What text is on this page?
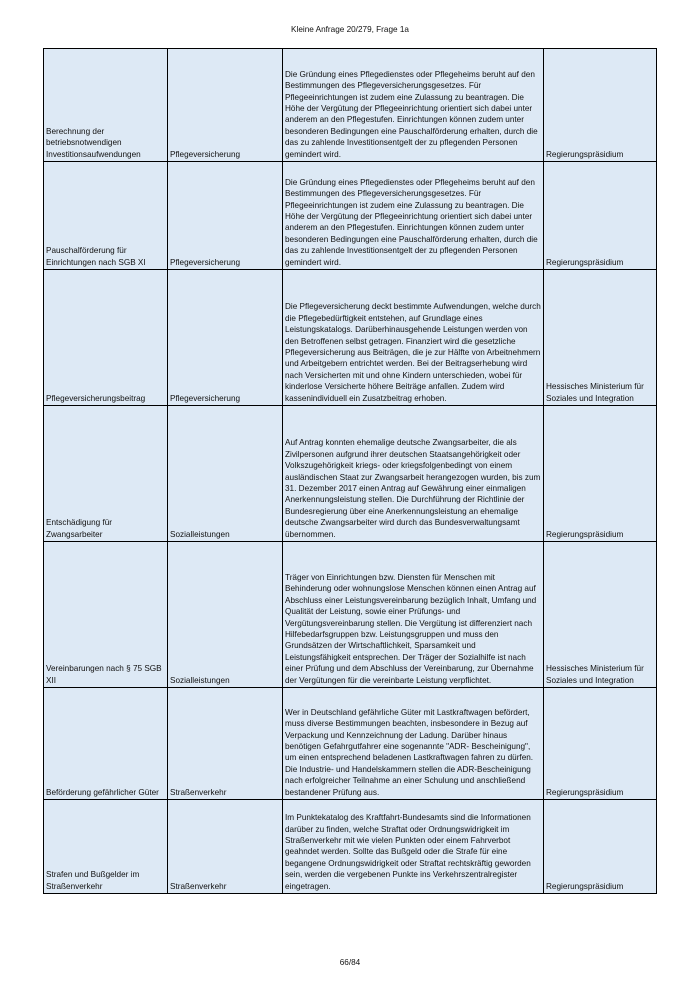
Kleine Anfrage 20/279, Frage 1a
Berechnung der betriebsnotwendigen Investitionsaufwendungen	Pflegeversicherung	Die Gründung eines Pflegedienstes oder Pflegeheims beruht auf den Bestimmungen des Pflegeversicherungsgesetzes. Für Pflegeeinrichtungen ist zudem eine Zulassung zu beantragen. Die Höhe der Vergütung der Pflegeeinrichtung orientiert sich dabei unter anderem an den Pflegestufen. Einrichtungen können zudem unter besonderen Bedingungen eine Pauschalförderung erhalten, durch die das zu zahlende Investitionsentgelt der zu pflegenden Personen gemindert wird.	Regierungspräsidium
Pauschalförderung für Einrichtungen nach SGB XI	Pflegeversicherung	Die Gründung eines Pflegedienstes oder Pflegeheims beruht auf den Bestimmungen des Pflegeversicherungsgesetzes. Für Pflegeeinrichtungen ist zudem eine Zulassung zu beantragen. Die Höhe der Vergütung der Pflegeeinrichtung orientiert sich dabei unter anderem an den Pflegestufen. Einrichtungen können zudem unter besonderen Bedingungen eine Pauschalförderung erhalten, durch die das zu zahlende Investitionsentgelt der zu pflegenden Personen gemindert wird.	Regierungspräsidium
Pflegeversicherungsbeitrag	Pflegeversicherung	Die Pflegeversicherung deckt bestimmte Aufwendungen, welche durch die Pflegebedürftigkeit entstehen, auf Grundlage eines Leistungskatalogs. Darüberhinausgehende Leistungen werden von den Betroffenen selbst getragen. Finanziert wird die gesetzliche Pflegeversicherung aus Beiträgen, die je zur Hälfte von Arbeitnehmern und Arbeitgebern entrichtet werden. Bei der Beitragserhebung wird nach Versicherten mit und ohne Kindern unterschieden, wobei für kinderlose Versicherte höhere Beiträge anfallen. Zudem wird kassenindividuell ein Zusatzbeitrag erhoben.	Hessisches Ministerium für Soziales und Integration
Entschädigung für Zwangsarbeiter	Sozialleistungen	Auf Antrag konnten ehemalige deutsche Zwangsarbeiter, die als Zivilpersonen aufgrund ihrer deutschen Staatsangehörigkeit oder Volkszugehörigkeit kriegs- oder kriegsfolgenbedingt von einem ausländischen Staat zur Zwangsarbeit herangezogen wurden, bis zum 31. Dezember 2017 einen Antrag auf Gewährung einer einmaligen Anerkennungsleistung stellen. Die Durchführung der Richtlinie der Bundesregierung über eine Anerkennungsleistung an ehemalige deutsche Zwangsarbeiter wird durch das Bundesverwaltungsamt übernommen.	Regierungspräsidium
Vereinbarungen nach § 75 SGB XII	Sozialleistungen	Träger von Einrichtungen bzw. Diensten für Menschen mit Behinderung oder wohnungslose Menschen können einen Antrag auf Abschluss einer Leistungsvereinbarung bezüglich Inhalt, Umfang und Qualität der Leistung, sowie einer Prüfungs- und Vergütungsvereinbarung stellen. Die Vergütung ist differenziert nach Hilfebedarfsgruppen bzw. Leistungsgruppen und muss den Grundsätzen der Wirtschaftlichkeit, Sparsamkeit und Leistungsfähigkeit entsprechen. Der Träger der Sozialhilfe ist nach einer Prüfung und dem Abschluss der Vereinbarung, zur Übernahme der Vergütungen für die vereinbarte Leistung verpflichtet.	Hessisches Ministerium für Soziales und Integration
Beförderung gefährlicher Güter	Straßenverkehr	Wer in Deutschland gefährliche Güter mit Lastkraftwagen befördert, muss diverse Bestimmungen beachten, insbesondere in Bezug auf Verpackung und Kennzeichnung der Ladung. Darüber hinaus benötigen Gefahrgutfahrer eine sogenannte "ADR- Bescheinigung", um einen entsprechend beladenen Lastkraftwagen fahren zu dürfen. Die Industrie- und Handelskammern stellen die ADR-Bescheinigung nach erfolgreicher Teilnahme an einer Schulung und anschließend bestandener Prüfung aus.	Regierungspräsidium
Strafen und Bußgelder im Straßenverkehr	Straßenverkehr	Im Punktekatalog des Kraftfahrt-Bundesamts sind die Informationen darüber zu finden, welche Straftat oder Ordnungswidrigkeit im Straßenverkehr mit wie vielen Punkten oder einem Fahrverbot geahndet werden. Sollte das Bußgeld oder die Strafe für eine begangene Ordnungswidrigkeit oder Straftat rechtskräftig geworden sein, werden die vergebenen Punkte ins Verkehrszentralregister eingetragen.	Regierungspräsidium
66/84
